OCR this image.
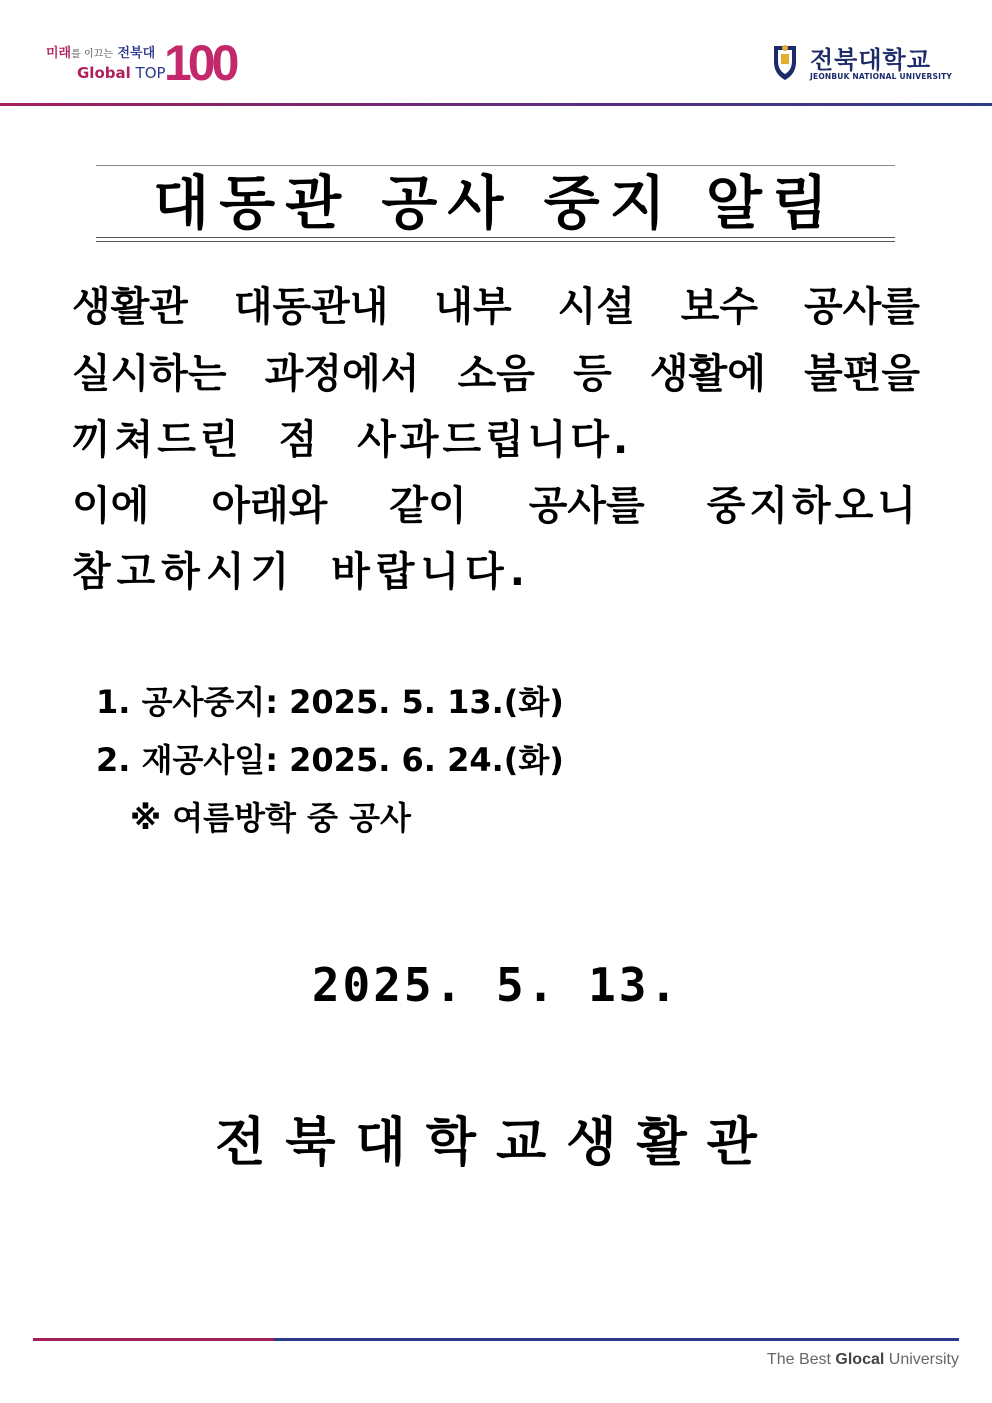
미래를 이끄는 전북대
Global TOP
100	전북대학교
JEONBUK NATIONAL UNIVERSITY
대동관 공사 중지 알림
생활관 대동관내 내부 시설 보수 공사를
실시하는 과정에서 소음 등 생활에 불편을
끼쳐드린 점 사과드립니다.
이에 아래와 같이 공사를 중지하오니
참고하시기 바랍니다.
1. 공사중지: 2025. 5. 13.(화)
2. 재공사일: 2025. 6. 24.(화)
※ 여름방학 중 공사
2025. 5. 13.
전북대학교생활관
The Best Glocal University
